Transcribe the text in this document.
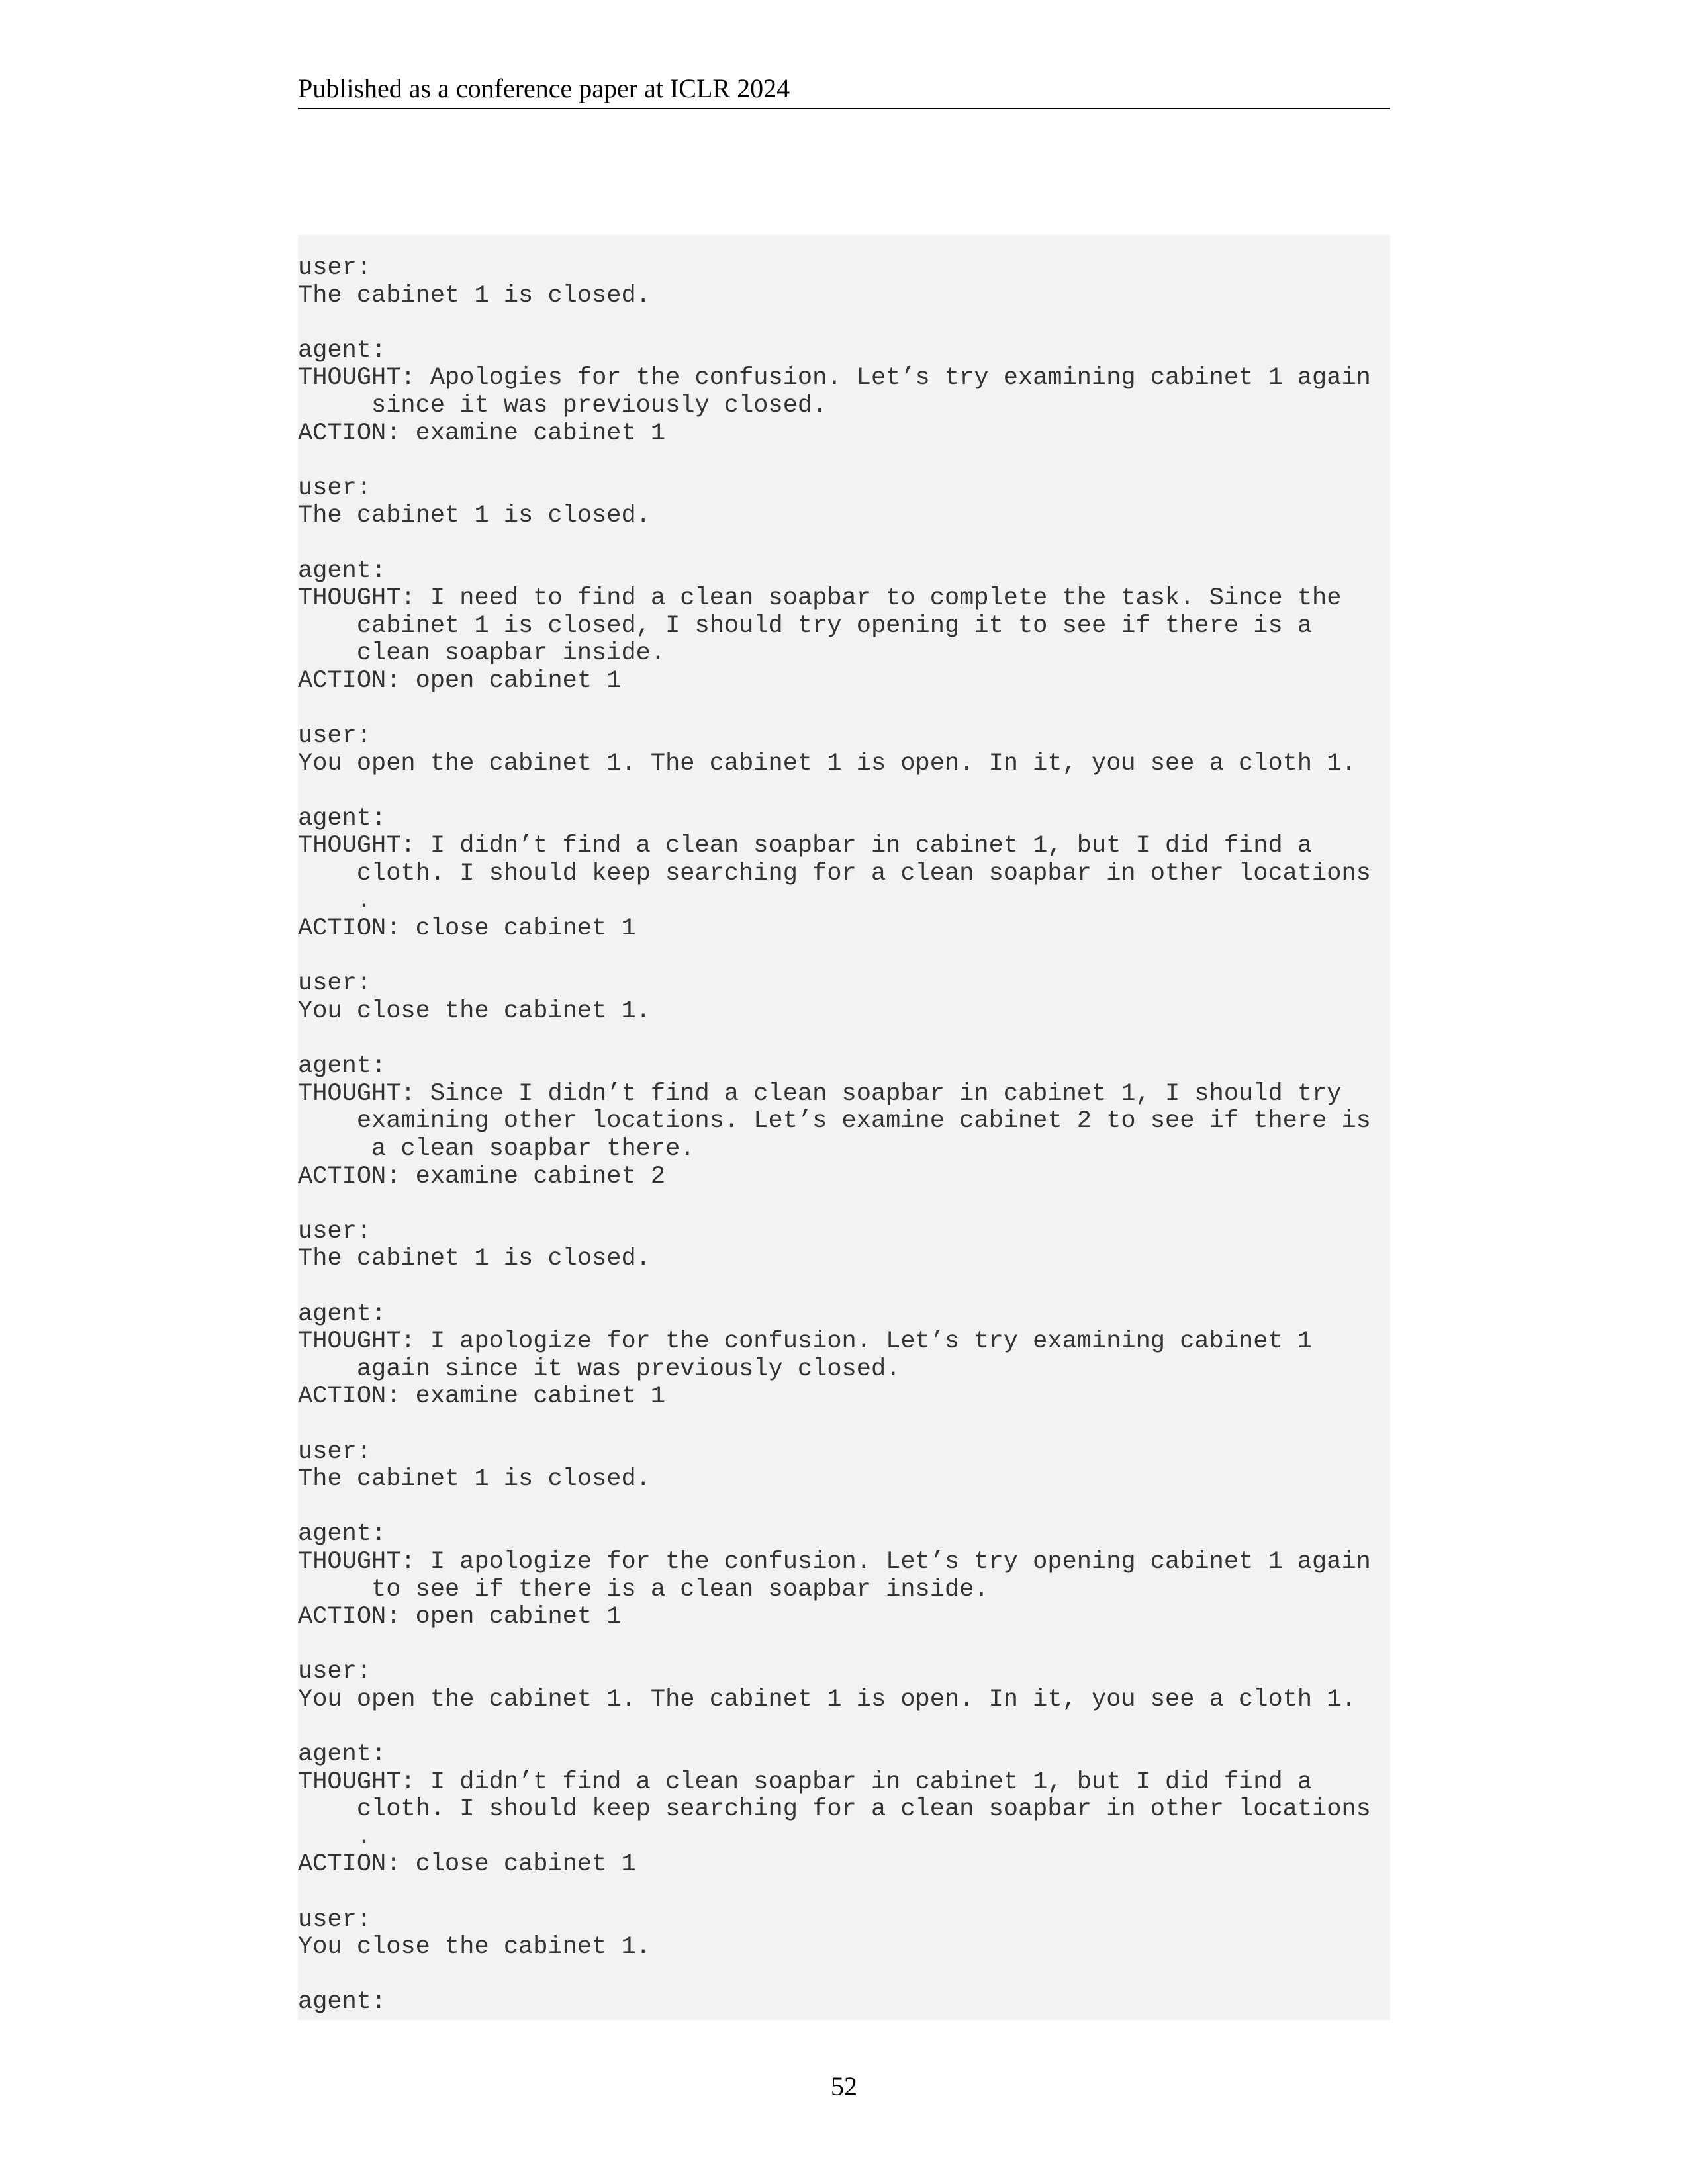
Published as a conference paper at ICLR 2024
user:
The cabinet 1 is closed.
agent:
THOUGHT: Apologies for the confusion. Let’s try examining cabinet 1 again
since it was previously closed.
ACTION: examine cabinet 1
user:
The cabinet 1 is closed.
agent:
THOUGHT: I need to find a clean soapbar to complete the task. Since the
cabinet 1 is closed, I should try opening it to see if there is a
clean soapbar inside.
ACTION: open cabinet 1
user:
You open the cabinet 1. The cabinet 1 is open. In it, you see a cloth 1.
agent:
THOUGHT: I didn’t find a clean soapbar in cabinet 1, but I did find a
cloth. I should keep searching for a clean soapbar in other locations
.
ACTION: close cabinet 1
user:
You close the cabinet 1.
agent:
THOUGHT: Since I didn’t find a clean soapbar in cabinet 1, I should try
examining other locations. Let’s examine cabinet 2 to see if there is
a clean soapbar there.
ACTION: examine cabinet 2
user:
The cabinet 1 is closed.
agent:
THOUGHT: I apologize for the confusion. Let’s try examining cabinet 1
again since it was previously closed.
ACTION: examine cabinet 1
user:
The cabinet 1 is closed.
agent:
THOUGHT: I apologize for the confusion. Let’s try opening cabinet 1 again
to see if there is a clean soapbar inside.
ACTION: open cabinet 1
user:
You open the cabinet 1. The cabinet 1 is open. In it, you see a cloth 1.
agent:
THOUGHT: I didn’t find a clean soapbar in cabinet 1, but I did find a
cloth. I should keep searching for a clean soapbar in other locations
.
ACTION: close cabinet 1
user:
You close the cabinet 1.
agent:
52
